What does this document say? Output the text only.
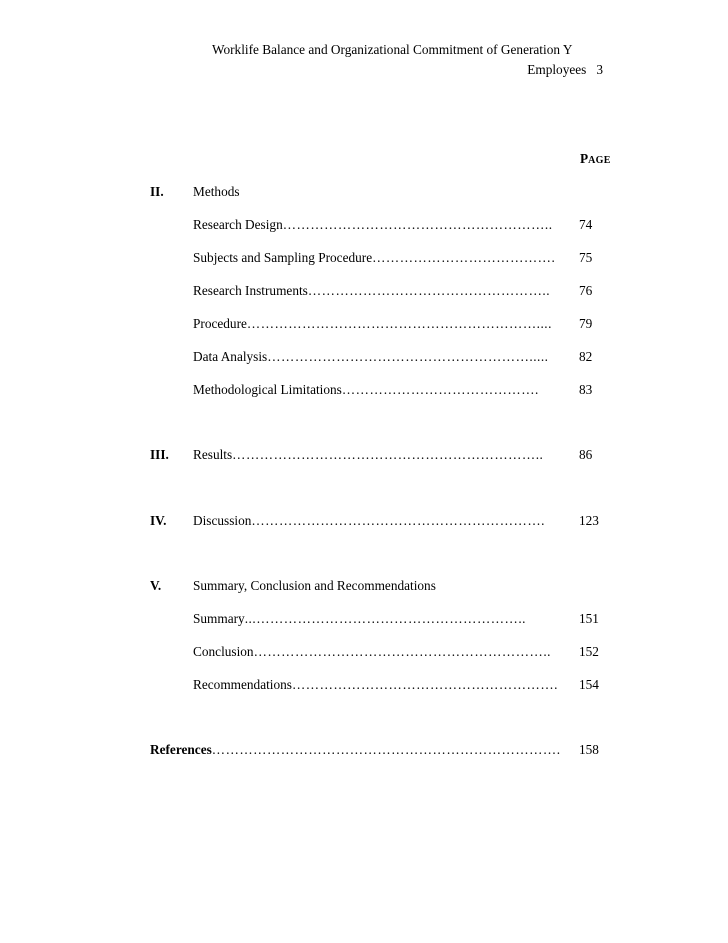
Worklife Balance and Organizational Commitment of Generation Y
Employees 3
PAGE
II. Methods
Research Design…………………………………………………..	74
Subjects and Sampling Procedure………………………………….	75
Research Instruments……………………………………………..	76
Procedure………………………………………………………....	79
Data Analysis………………………………………………….....	82
Methodological Limitations…………………………………….	83
III. Results…………………………………………………………..	86
IV. Discussion……………………………………………………….	123
V. Summary, Conclusion and Recommendations
Summary...…………………………………………………..	151
Conclusion………………………………………………………..	152
Recommendations………………………………………………….	154
References………………………………………………………………….	158
